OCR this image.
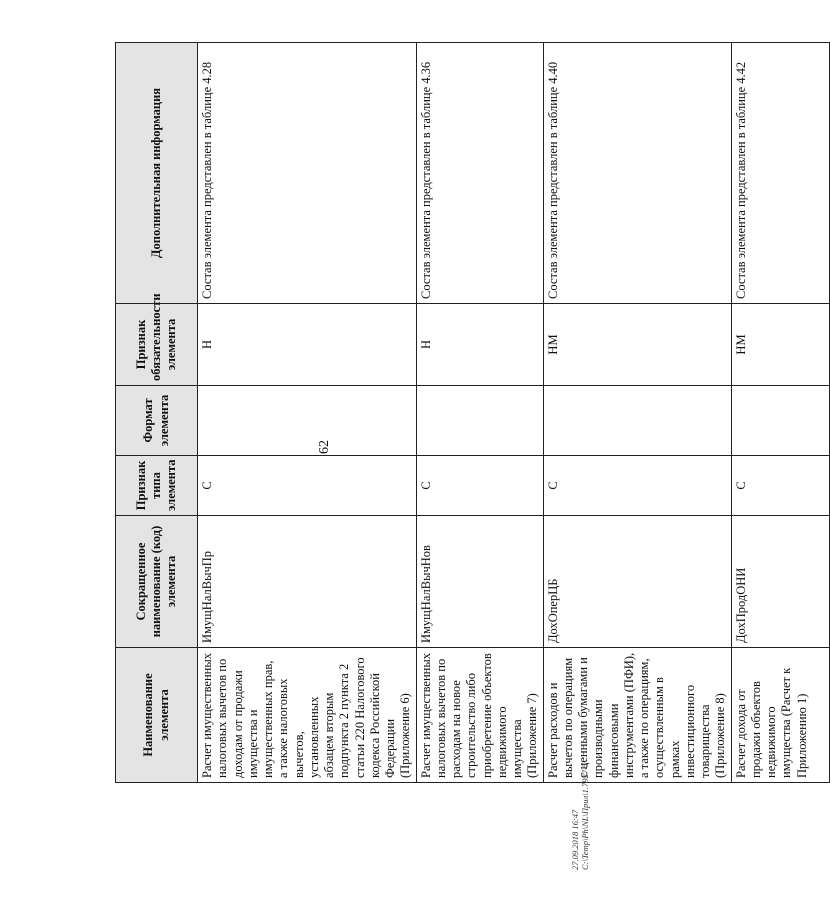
62
Наименование элемента	Сокращенное наименование (код) элемента	Признак типа элемента	Формат элемента	Признак обязательности элемента	Дополнительная информация
Расчет имущественных налоговых вычетов по доходам от продажи имущества и имущественных прав, а также налоговых вычетов, установленных абзацем вторым подпункта 2 пункта 2 статьи 220 Налогового кодекса Российской Федерации (Приложение 6)	ИмущНалВычПр	С		Н	Состав элемента представлен в таблице 4.28
Расчет имущественных налоговых вычетов по расходам на новое строительство либо приобретение объектов недвижимого имущества (Приложение 7)	ИмущНалВычНов	С		Н	Состав элемента представлен в таблице 4.36
Расчет расходов и вычетов по операциям с ценными бумагами и производными финансовыми инструментами (ПФИ), а также по операциям, осуществленным в рамках инвестиционного товарищества (Приложение 8)	ДохОперЦБ	С		НМ	Состав элемента представлен в таблице 4.40
Расчет дохода от продажи объектов недвижимого имущества (Расчет к Приложению 1)	ДохПродОНИ	С		НМ	Состав элемента представлен в таблице 4.42
27.09.2018 16:47 С:\Temp\Ph\NL\Прил\1.7927-5
